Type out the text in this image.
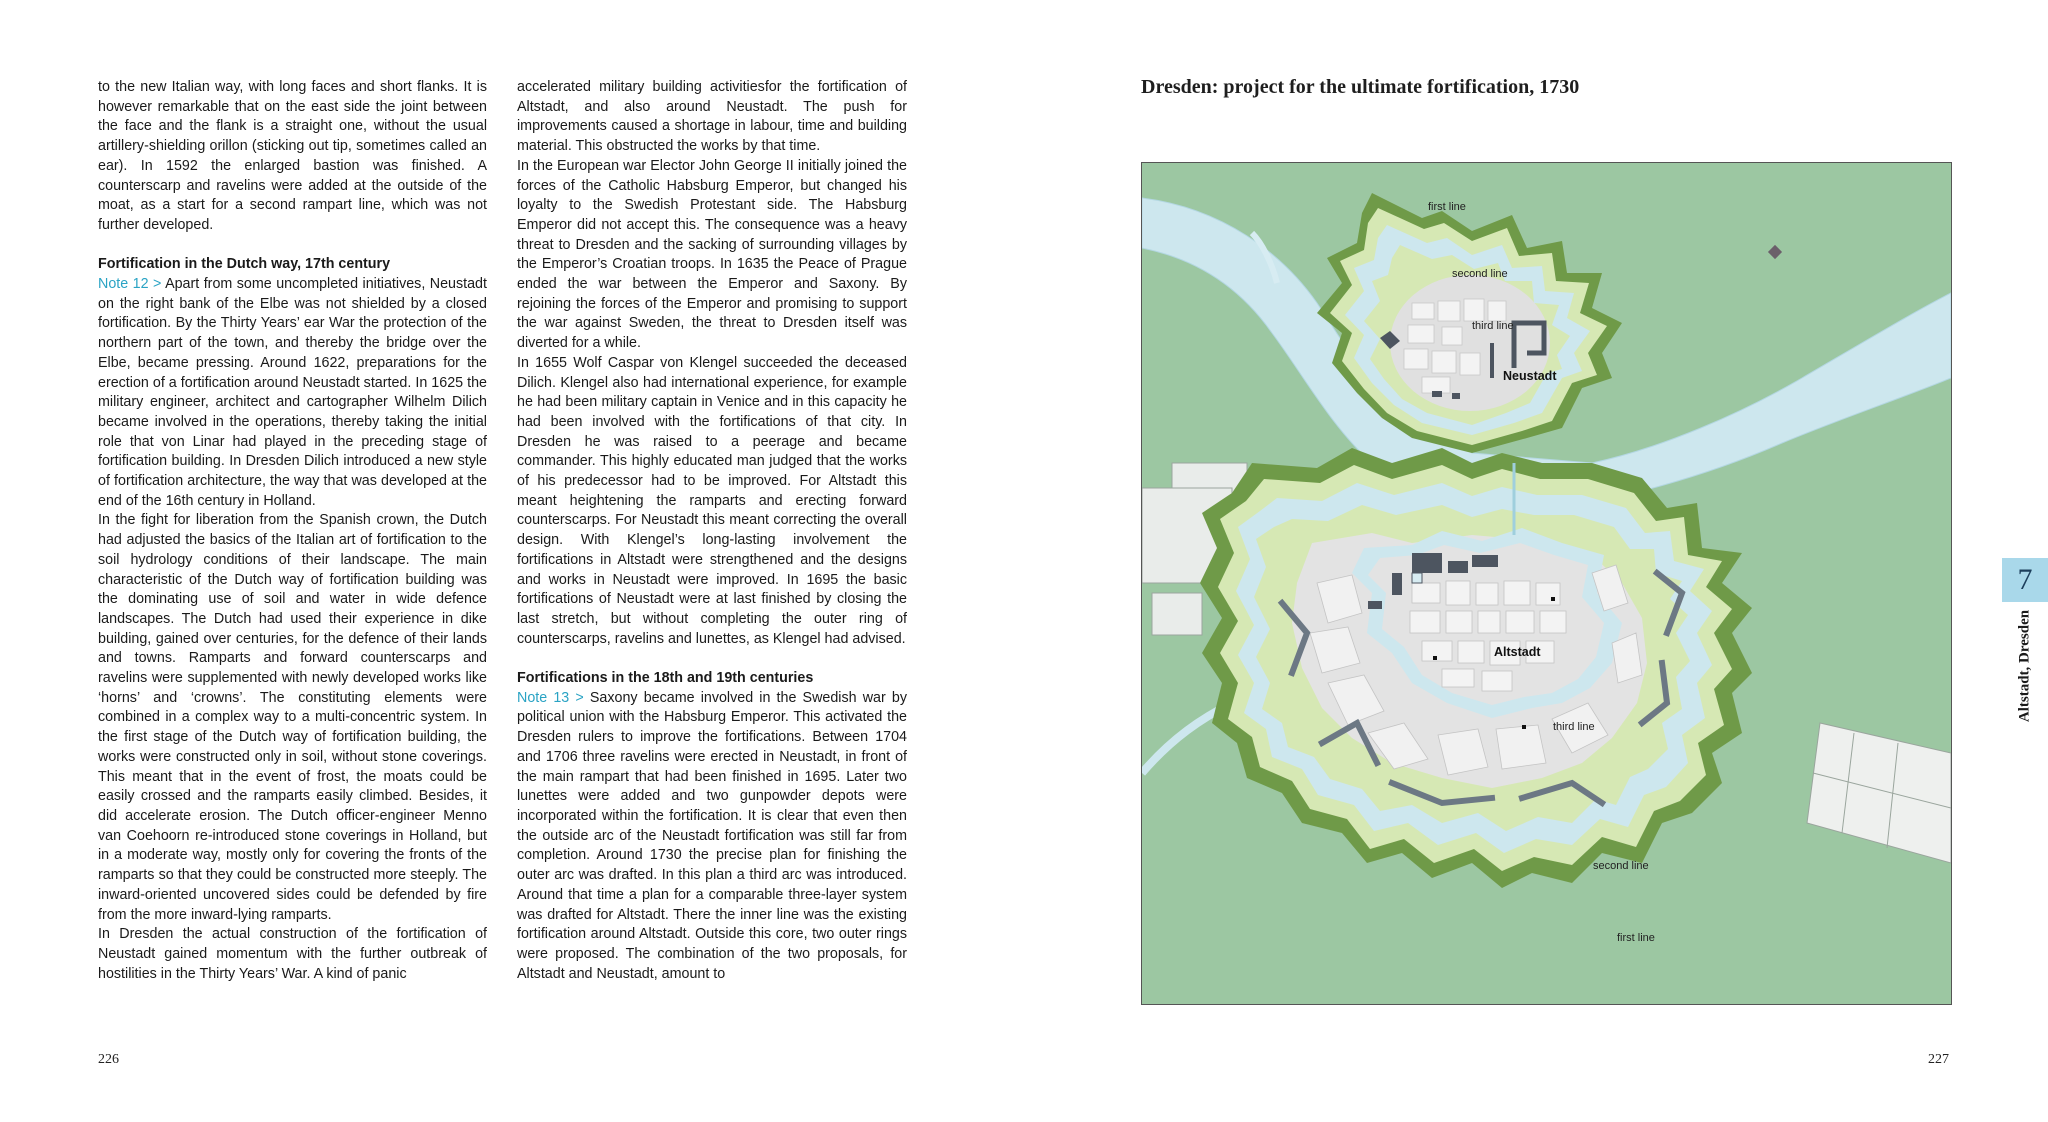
to the new Italian way, with long faces and short flanks. It is however remarkable that on the east side the joint between the face and the flank is a straight one, without the usual artillery-shielding orillon (sticking out tip, sometimes called an ear). In 1592 the enlarged bastion was finished. A counterscarp and ravelins were added at the outside of the moat, as a start for a second rampart line, which was not further developed.

Fortification in the Dutch way, 17th century

Note 12 > Apart from some uncompleted initiatives, Neustadt on the right bank of the Elbe was not shielded by a closed fortification. By the Thirty Years’ ear War the protection of the northern part of the town, and thereby the bridge over the Elbe, became pressing. Around 1622, preparations for the erection of a fortification around Neustadt started. In 1625 the military engineer, architect and cartographer Wilhelm Dilich became involved in the operations, thereby taking the initial role that von Linar had played in the preceding stage of fortification building. In Dresden Dilich introduced a new style of fortification architecture, the way that was developed at the end of the 16th century in Holland.

In the fight for liberation from the Spanish crown, the Dutch had adjusted the basics of the Italian art of fortification to the soil hydrology conditions of their landscape. The main characteristic of the Dutch way of fortification building was the dominating use of soil and water in wide defence landscapes. The Dutch had used their experience in dike building, gained over centuries, for the defence of their lands and towns. Ramparts and forward counterscarps and ravelins were supplemented with newly developed works like ‘horns’ and ‘crowns’. The constituting elements were combined in a complex way to a multi-concentric system. In the first stage of the Dutch way of fortification building, the works were constructed only in soil, without stone coverings. This meant that in the event of frost, the moats could be easily crossed and the ramparts easily climbed. Besides, it did accelerate erosion. The Dutch officer-engineer Menno van Coehoorn re-introduced stone coverings in Holland, but in a moderate way, mostly only for covering the fronts of the ramparts so that they could be constructed more steeply. The inward-oriented uncovered sides could be defended by fire from the more inward-lying ramparts.

In Dresden the actual construction of the fortification of Neustadt gained momentum with the further outbreak of hostilities in the Thirty Years’ War. A kind of panic

accelerated military building activitiesfor the fortification of Altstadt, and also around Neustadt. The push for improvements caused a shortage in labour, time and building material. This obstructed the works by that time.

In the European war Elector John George II initially joined the forces of the Catholic Habsburg Emperor, but changed his loyalty to the Swedish Protestant side. The Habsburg Emperor did not accept this. The consequence was a heavy threat to Dresden and the sacking of surrounding villages by the Emperor’s Croatian troops. In 1635 the Peace of Prague ended the war between the Emperor and Saxony. By rejoining the forces of the Emperor and promising to support the war against Sweden, the threat to Dresden itself was diverted for a while.

In 1655 Wolf Caspar von Klengel succeeded the deceased Dilich. Klengel also had international experience, for example he had been military captain in Venice and in this capacity he had been involved with the fortifications of that city. In Dresden he was raised to a peerage and became commander. This highly educated man judged that the works of his predecessor had to be improved. For Altstadt this meant heightening the ramparts and erecting forward counterscarps. For Neustadt this meant correcting the overall design. With Klengel’s long-lasting involvement the fortifications in Altstadt were strengthened and the designs and works in Neustadt were improved. In 1695 the basic fortifications of Neustadt were at last finished by closing the last stretch, but without completing the outer ring of counterscarps, ravelins and lunettes, as Klengel had advised.

Fortifications in the 18th and 19th centuries

Note 13 > Saxony became involved in the Swedish war by political union with the Habsburg Emperor. This activated the Dresden rulers to improve the fortifications. Between 1704 and 1706 three ravelins were erected in Neustadt, in front of the main rampart that had been finished in 1695. Later two lunettes were added and two gunpowder depots were incorporated within the fortification. It is clear that even then the outside arc of the Neustadt fortification was still far from completion. Around 1730 the precise plan for finishing the outer arc was drafted. In this plan a third arc was introduced. Around that time a plan for a comparable three-layer system was drafted for Altstadt. There the inner line was the existing fortification around Altstadt. Outside this core, two outer rings were proposed. The combination of the two proposals, for Altstadt and Neustadt, amount to

226
Dresden: project for the ultimate fortification, 1730
first line
second line
third line
Neustadt
Altstadt
third line
second line
first line
7
Altstadt, Dresden
227
